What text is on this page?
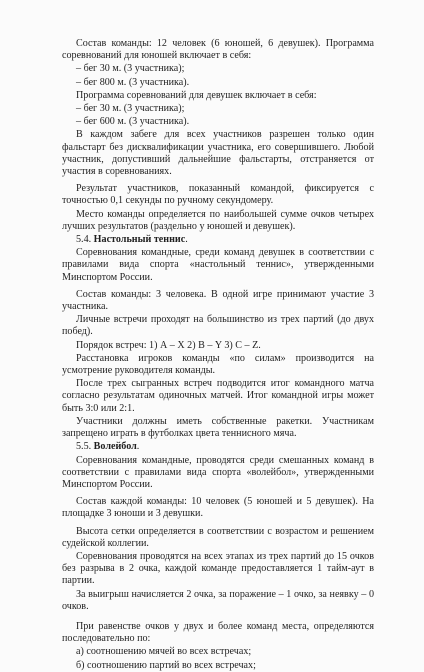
Состав команды: 12 человек (6 юношей, 6 девушек). Программа соревнований для юношей включает в себя:

– бег 30 м. (3 участника);

– бег 800 м. (3 участника).

Программа соревнований для девушек включает в себя:

– бег 30 м. (3 участника);

– бег 600 м. (3 участника).

В каждом забеге для всех участников разрешен только один фальстарт без дисквалификации участника, его совершившего. Любой участник, допустивший дальнейшие фальстарты, отстраняется от участия в соревнованиях.

Результат участников, показанный командой, фиксируется с точностью 0,1 секунды по ручному секундомеру.

Место команды определяется по наибольшей сумме очков четырех лучших результатов (раздельно у юношей и девушек).

5.4. Настольный теннис.

Соревнования командные, среди команд девушек в соответствии с правилами вида спорта «настольный теннис», утвержденными Минспортом России.

Состав команды: 3 человека. В одной игре принимают участие 3 участника.

Личные встречи проходят на большинство из трех партий (до двух побед).

Порядок встреч: 1) А – Х 2) В – Y 3) С – Z.

Расстановка игроков команды «по силам» производится на усмотрение руководителя команды.

После трех сыгранных встреч подводится итог командного матча согласно результатам одиночных матчей. Итог командной игры может быть 3:0 или 2:1.

Участники должны иметь собственные ракетки. Участникам запрещено играть в футболках цвета теннисного мяча.

5.5. Волейбол.

Соревнования командные, проводятся среди смешанных команд в соответствии с правилами вида спорта «волейбол», утвержденными Минспортом России.

Состав каждой команды: 10 человек (5 юношей и 5 девушек). На площадке 3 юноши и 3 девушки.

Высота сетки определяется в соответствии с возрастом и решением судейской коллегии.

Соревнования проводятся на всех этапах из трех партий до 15 очков без разрыва в 2 очка, каждой команде предоставляется 1 тайм-аут в партии.

За выигрыш начисляется 2 очка, за поражение – 1 очко, за неявку – 0 очков.

При равенстве очков у двух и более команд места, определяются последовательно по:

а) соотношению мячей во всех встречах;

б) соотношению партий во всех встречах;
